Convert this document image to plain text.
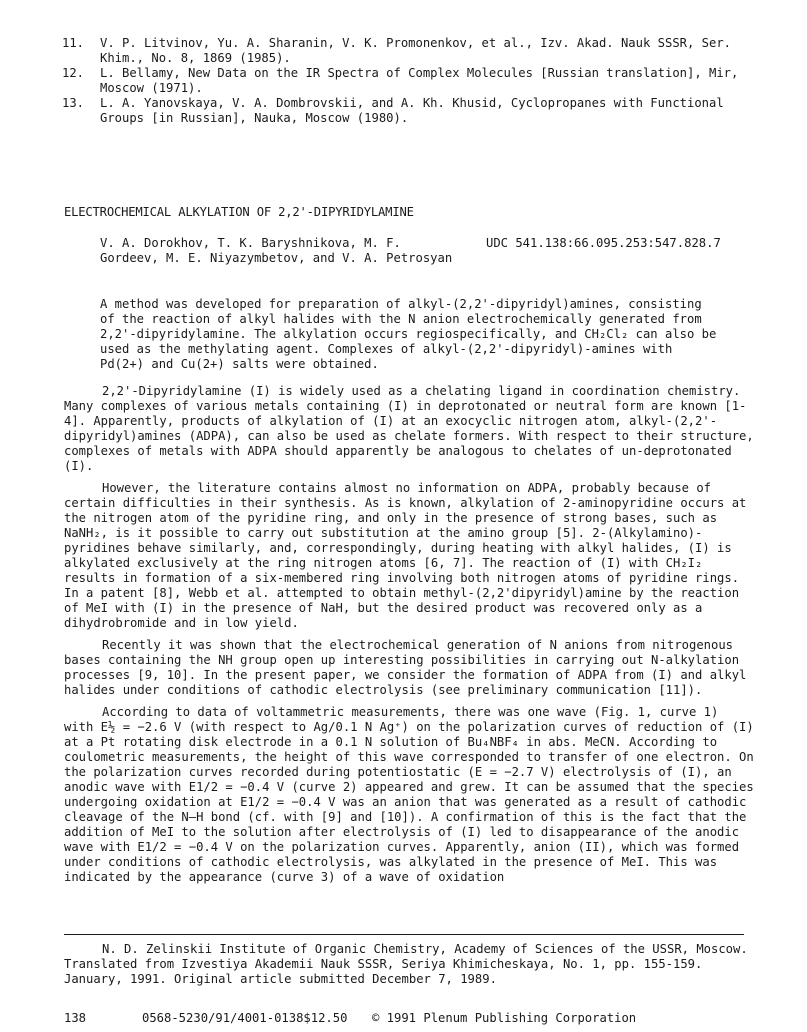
11.	V. P. Litvinov, Yu. A. Sharanin, V. K. Promonenkov, et al., Izv. Akad. Nauk SSSR, Ser. Khim., No. 8, 1869 (1985).
12.	L. Bellamy, New Data on the IR Spectra of Complex Molecules [Russian translation], Mir, Moscow (1971).
13.	L. A. Yanovskaya, V. A. Dombrovskii, and A. Kh. Khusid, Cyclopropanes with Functional Groups [in Russian], Nauka, Moscow (1980).
ELECTROCHEMICAL ALKYLATION OF 2,2'-DIPYRIDYLAMINE
V. A. Dorokhov, T. K. Baryshnikova, M. F. Gordeev, M. E. Niyazymbetov, and V. A. Petrosyan
UDC 541.138:66.095.253:547.828.7
A method was developed for preparation of alkyl-(2,2'-dipyridyl)amines, consisting of the reaction of alkyl halides with the N anion electrochemically generated from 2,2'-dipyridylamine. The alkylation occurs regiospecifically, and CH₂Cl₂ can also be used as the methylating agent. Complexes of alkyl-(2,2'-dipyridyl)-amines with Pd(2+) and Cu(2+) salts were obtained.

2,2'-Dipyridylamine (I) is widely used as a chelating ligand in coordination chemistry. Many complexes of various metals containing (I) in deprotonated or neutral form are known [1-4]. Apparently, products of alkylation of (I) at an exocyclic nitrogen atom, alkyl-(2,2'-dipyridyl)amines (ADPA), can also be used as chelate formers. With respect to their structure, complexes of metals with ADPA should apparently be analogous to chelates of un-deprotonated (I).

However, the literature contains almost no information on ADPA, probably because of certain difficulties in their synthesis. As is known, alkylation of 2-aminopyridine occurs at the nitrogen atom of the pyridine ring, and only in the presence of strong bases, such as NaNH₂, is it possible to carry out substitution at the amino group [5]. 2-(Alkylamino)-pyridines behave similarly, and, correspondingly, during heating with alkyl halides, (I) is alkylated exclusively at the ring nitrogen atoms [6, 7]. The reaction of (I) with CH₂I₂ results in formation of a six-membered ring involving both nitrogen atoms of pyridine rings. In a patent [8], Webb et al. attempted to obtain methyl-(2,2'dipyridyl)amine by the reaction of MeI with (I) in the presence of NaH, but the desired product was recovered only as a dihydrobromide and in low yield.

Recently it was shown that the electrochemical generation of N anions from nitrogenous bases containing the NH group open up interesting possibilities in carrying out N-alkylation processes [9, 10]. In the present paper, we consider the formation of ADPA from (I) and alkyl halides under conditions of cathodic electrolysis (see preliminary communication [11]).

According to data of voltammetric measurements, there was one wave (Fig. 1, curve 1) with E½ = −2.6 V (with respect to Ag/0.1 N Ag⁺) on the polarization curves of reduction of (I) at a Pt rotating disk electrode in a 0.1 N solution of Bu₄NBF₄ in abs. MeCN. According to coulometric measurements, the height of this wave corresponded to transfer of one electron. On the polarization curves recorded during potentiostatic (E = −2.7 V) electrolysis of (I), an anodic wave with E1/2 = −0.4 V (curve 2) appeared and grew. It can be assumed that the species undergoing oxidation at E1/2 = −0.4 V was an anion that was generated as a result of cathodic cleavage of the N–H bond (cf. with [9] and [10]). A confirmation of this is the fact that the addition of MeI to the solution after electrolysis of (I) led to disappearance of the anodic wave with E1/2 = −0.4 V on the polarization curves. Apparently, anion (II), which was formed under conditions of cathodic electrolysis, was alkylated in the presence of MeI. This was indicated by the appearance (curve 3) of a wave of oxidation

N. D. Zelinskii Institute of Organic Chemistry, Academy of Sciences of the USSR, Moscow.

Translated from Izvestiya Akademii Nauk SSSR, Seriya Khimicheskaya, No. 1, pp. 155-159. January, 1991. Original article submitted December 7, 1989.

138	0568-5230/91/4001-0138$12.50	© 1991 Plenum Publishing Corporation
